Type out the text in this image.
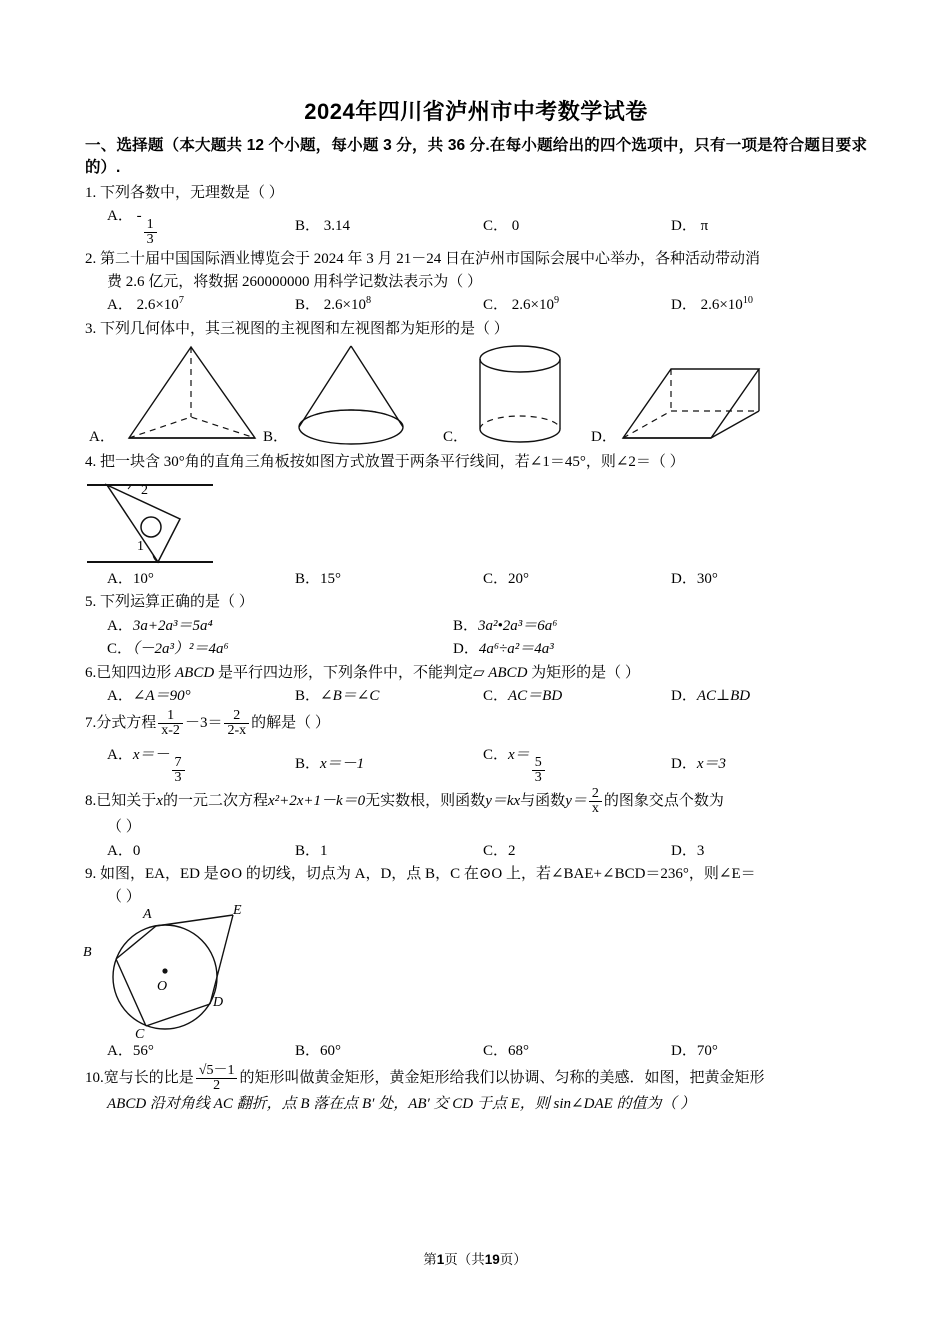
2024年四川省泸州市中考数学试卷
一、选择题（本大题共 12 个小题，每小题 3 分，共 36 分.在每小题给出的四个选项中，只有一项是符合题目要求的）.
1. 下列各数中，无理数是（ ）
A． -
$\frac{1}{3}$	B． 3.14	C． 0	D． π
2. 第二十届中国国际酒业博览会于 2024 年 3 月 21－24 日在泸州市国际会展中心举办，各种活动带动消
费 2.6 亿元，将数据 260000000 用科学记数法表示为（ ）
A． $2.6\times 10^7$	B． $2.6\times 10^8$	C． $2.6\times 10^9$	D． $2.6\times 10^{10}$
3. 下列几何体中，其三视图的主视图和左视图都为矩形的是（ ）
A．	B．	C．	D．
4. 把一块含 30°角的直角三角板按如图方式放置于两条平行线间，若∠1＝45°，则∠2＝（ ）
1
2
A．10°	B．15°	C．20°	D．30°
5. 下列运算正确的是（ ）
A．3a+2a³＝5a⁴	B．3a²•2a³＝6a⁶
C．（－2a³）²＝4a⁶	D．4a⁶÷a²＝4a³
6.已知四边形 ABCD 是平行四边形，下列条件中，不能判定▱ ABCD 为矩形的是（ ）
A．∠A＝90°	B．∠B＝∠C	C．AC＝BD	D．AC⊥BD
7. 分式方程 $\frac{1}{x-2} -3= \frac{2}{2-x}$ 的解是（ ）
A．x＝－
$\frac{7}{3}$	B．x＝－1
C．x＝
$\frac{5}{3}$	D．x＝3
8. 已知关于 x 的一元二次方程 x²+2x+1－k＝0 无实数根，则函数 y＝kx 与函数 $y= \frac{2}{x}$ 的图象交点个数为
（ ）
A．0	B．1	C．2	D．3
9. 如图，EA，ED 是⊙O 的切线，切点为 A，D，点 B，C 在⊙O 上，若∠BAE+∠BCD＝236°，则∠E＝
（ ）
A
B
C
D
E
O
A．56°	B．60°	C．68°	D．70°
10. 宽与长的比是 $\frac{√5-1}{2}$ 的矩形叫做黄金矩形，黄金矩形给我们以协调、匀称的美感．如图，把黄金矩形
ABCD 沿对角线 AC 翻折，点 B 落在点 B′ 处，AB′ 交 CD 于点 E，则 sin∠DAE 的值为（ ）
第1页（共19页）
